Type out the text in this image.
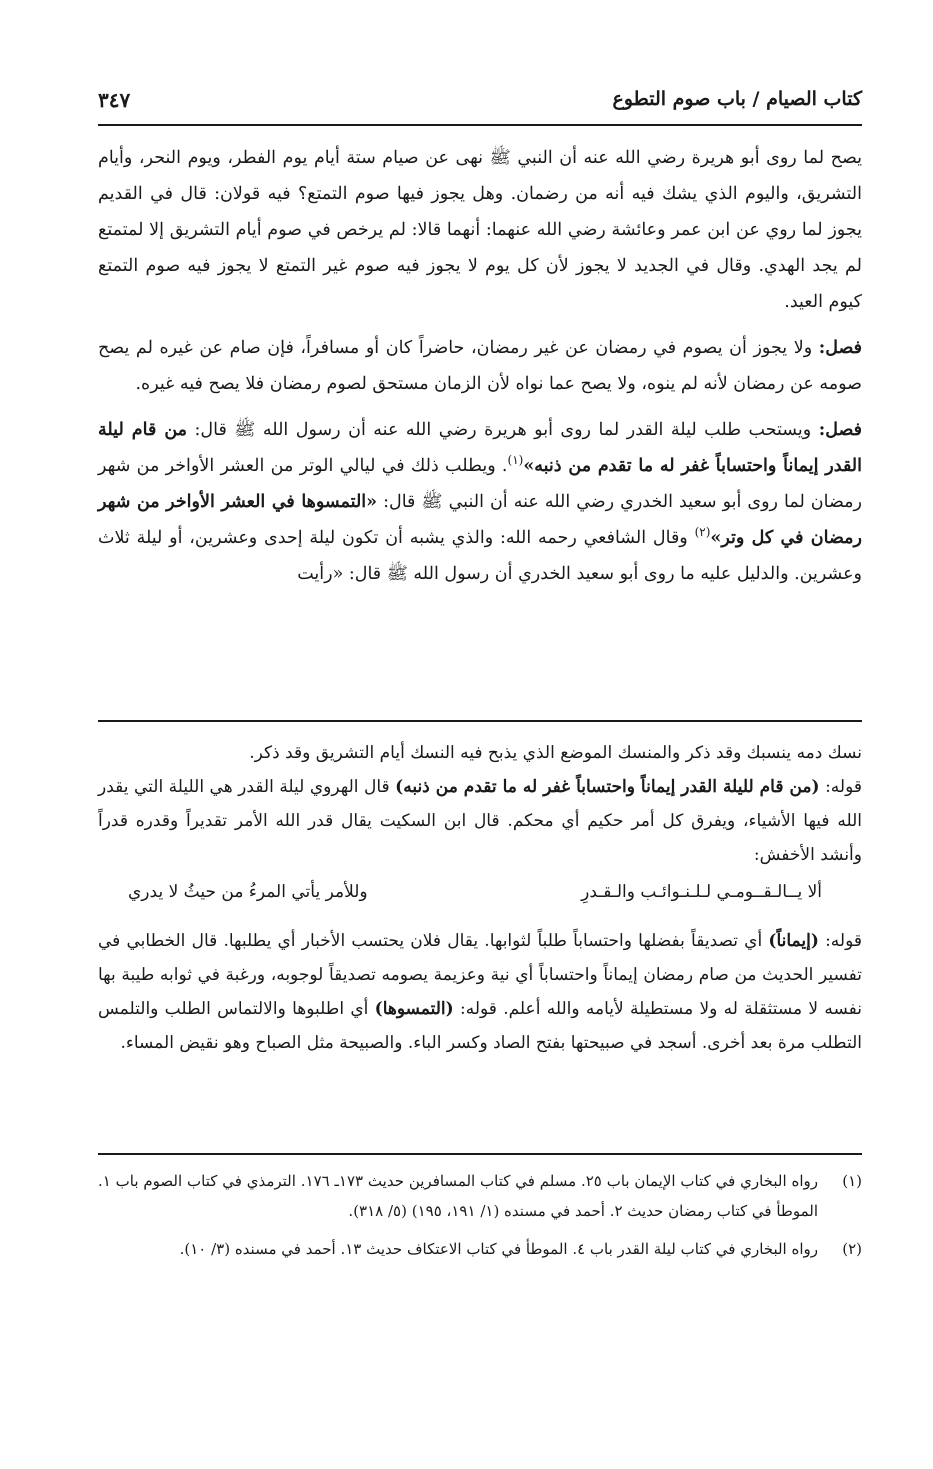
كتاب الصيام / باب صوم التطوع
٣٤٧

يصح لما روى أبو هريرة رضي الله عنه أن النبي ﷺ نهى عن صيام ستة أيام يوم الفطر، ويوم النحر، وأيام التشريق، واليوم الذي يشك فيه أنه من رضمان. وهل يجوز فيها صوم التمتع؟ فيه قولان: قال في القديم يجوز لما روي عن ابن عمر وعائشة رضي الله عنهما: أنهما قالا: لم يرخص في صوم أيام التشريق إلا لمتمتع لم يجد الهدي. وقال في الجديد لا يجوز لأن كل يوم لا يجوز فيه صوم غير التمتع لا يجوز فيه صوم التمتع كيوم العيد.

فصل: ولا يجوز أن يصوم في رمضان عن غير رمضان، حاضراً كان أو مسافراً، فإن صام عن غيره لم يصح صومه عن رمضان لأنه لم ينوه، ولا يصح عما نواه لأن الزمان مستحق لصوم رمضان فلا يصح فيه غيره.

فصل: ويستحب طلب ليلة القدر لما روى أبو هريرة رضي الله عنه أن رسول الله ﷺ قال: من قام ليلة القدر إيماناً واحتساباً غفر له ما تقدم من ذنبه»$^{(١)}$. ويطلب ذلك في ليالي الوتر من العشر الأواخر من شهر رمضان لما روى أبو سعيد الخدري رضي الله عنه أن النبي ﷺ قال: «التمسوها في العشر الأواخر من شهر رمضان في كل وتر»$^{(٢)}$ وقال الشافعي رحمه الله: والذي يشبه أن تكون ليلة إحدى وعشرين، أو ليلة ثلاث وعشرين. والدليل عليه ما روى أبو سعيد الخدري أن رسول الله ﷺ قال: «رأيت

نسك دمه ينسبك وقد ذكر والمنسك الموضع الذي يذبح فيه النسك أيام التشريق وقد ذكر.

قوله: (من قام لليلة القدر إيماناً واحتساباً غفر له ما تقدم من ذنبه) قال الهروي ليلة القدر هي الليلة التي يقدر الله فيها الأشياء، ويفرق كل أمر حكيم أي محكم. قال ابن السكيت يقال قدر الله الأمر تقديراً وقدره قدراً وأنشد الأخفش:

ألا يــالـقــومـي لـلـنـوائـب والـقـدرِ
وللأمر يأتي المرءُ من حيثُ لا يدري

قوله: (إيماناً) أي تصديقاً بفضلها واحتساباً طلباً لثوابها. يقال فلان يحتسب الأخبار أي يطلبها. قال الخطابي في تفسير الحديث من صام رمضان إيماناً واحتساباً أي نية وعزيمة يصومه تصديقاً لوجوبه، ورغبة في ثوابه طيبة بها نفسه لا مستثقلة له ولا مستطيلة لأيامه والله أعلم. قوله: (التمسوها) أي اطلبوها والالتماس الطلب والتلمس التطلب مرة بعد أخرى. أسجد في صبيحتها بفتح الصاد وكسر الباء. والصبيحة مثل الصباح وهو نقيض المساء.

(١)
رواه البخاري في كتاب الإيمان باب ٢٥. مسلم في كتاب المسافرين حديث ١٧٣ـ ١٧٦. الترمذي في كتاب الصوم باب ١. الموطأ في كتاب رمضان حديث ٢. أحمد في مسنده (١/ ١٩١، ١٩٥) (٥/ ٣١٨).

(٢)
رواه البخاري في كتاب ليلة القدر باب ٤. الموطأ في كتاب الاعتكاف حديث ١٣. أحمد في مسنده (٣/ ١٠).
